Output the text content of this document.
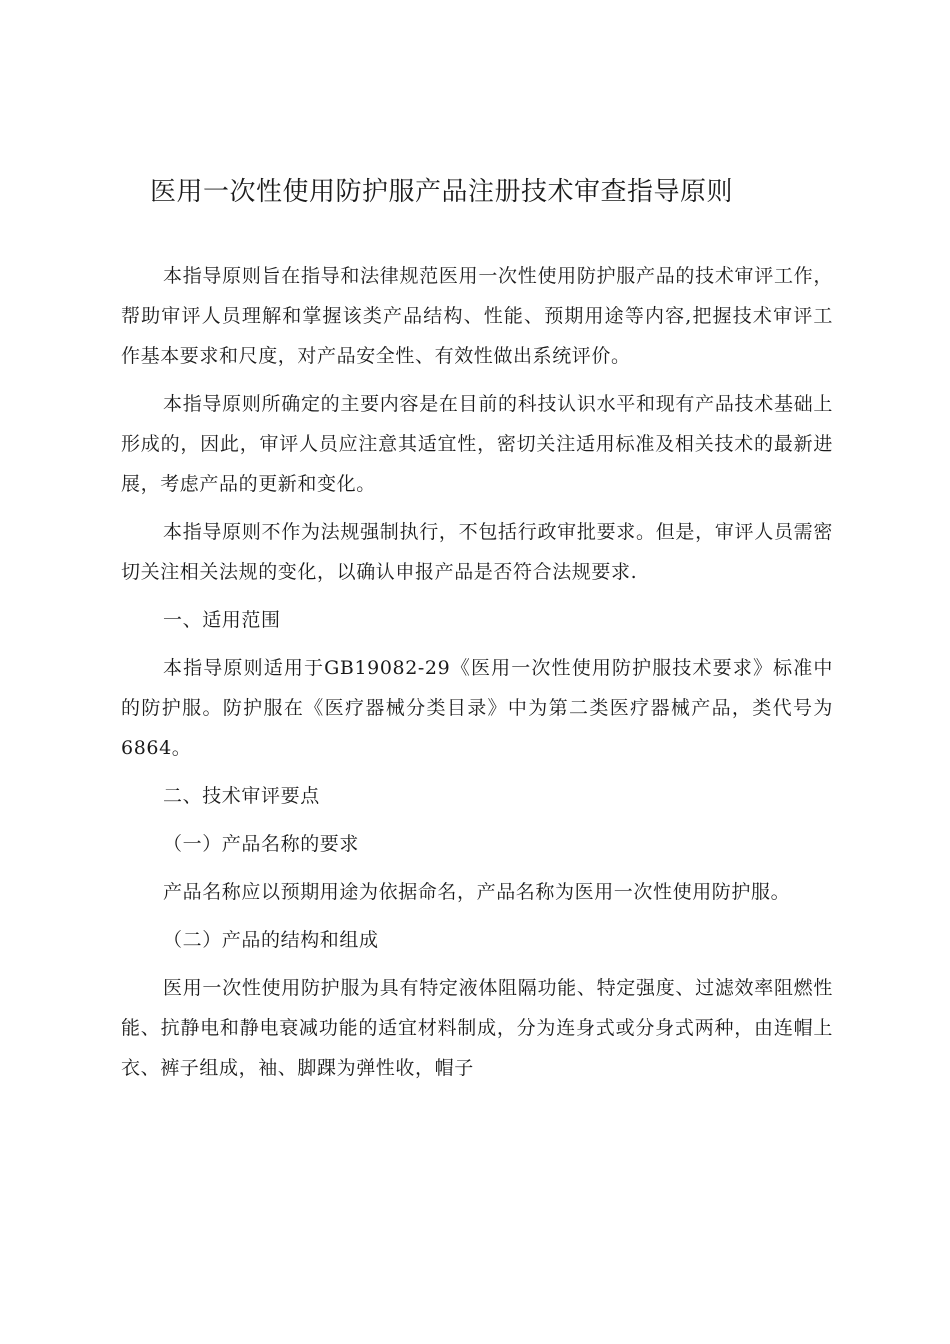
医用一次性使用防护服产品注册技术审查指导原则

本指导原则旨在指导和法律规范医用一次性使用防护服产品的技术审评工作，帮助审评人员理解和掌握该类产品结构、性能、预期用途等内容,把握技术审评工作基本要求和尺度，对产品安全性、有效性做出系统评价。

本指导原则所确定的主要内容是在目前的科技认识水平和现有产品技术基础上形成的，因此，审评人员应注意其适宜性，密切关注适用标准及相关技术的最新进展，考虑产品的更新和变化。

本指导原则不作为法规强制执行，不包括行政审批要求。但是，审评人员需密切关注相关法规的变化，以确认申报产品是否符合法规要求.

一、适用范围

本指导原则适用于GB19082-29《医用一次性使用防护服技术要求》标准中的防护服。防护服在《医疗器械分类目录》中为第二类医疗器械产品，类代号为6864。

二、技术审评要点

（一）产品名称的要求

产品名称应以预期用途为依据命名，产品名称为医用一次性使用防护服。

（二）产品的结构和组成

医用一次性使用防护服为具有特定液体阻隔功能、特定强度、过滤效率阻燃性能、抗静电和静电衰减功能的适宜材料制成，分为连身式或分身式两种，由连帽上衣、裤子组成，袖、脚踝为弹性收，帽子
